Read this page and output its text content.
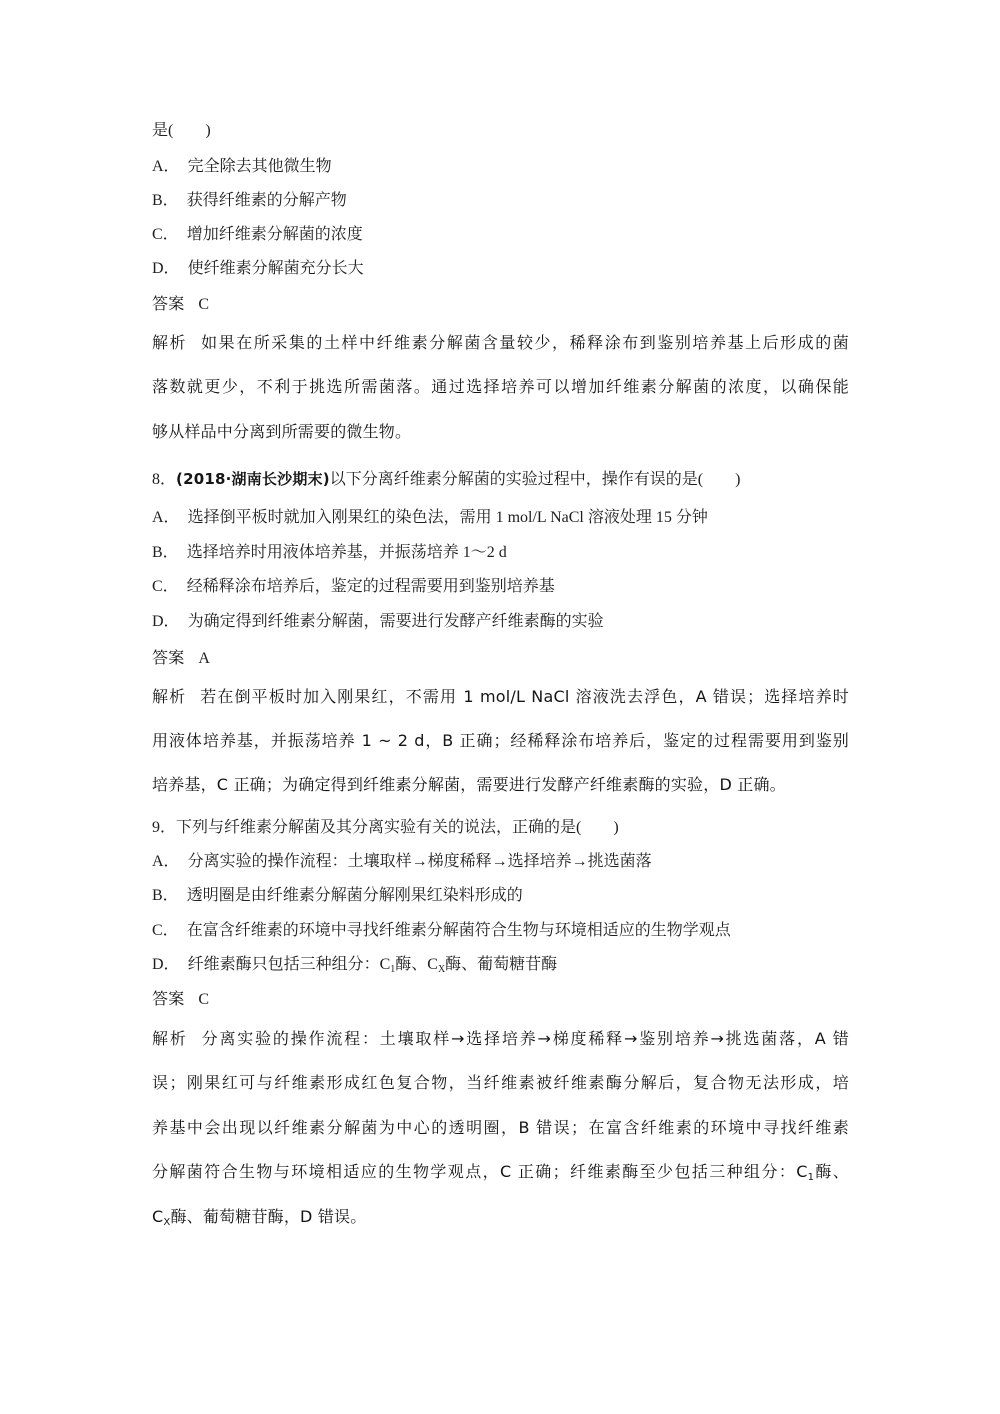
是(　　)
A． 完全除去其他微生物
B． 获得纤维素的分解产物
C． 增加纤维素分解菌的浓度
D． 使纤维素分解菌充分长大
答案 C
解析 如果在所采集的土样中纤维素分解菌含量较少，稀释涂布到鉴别培养基上后形成的菌
落数就更少，不利于挑选所需菌落。通过选择培养可以增加纤维素分解菌的浓度，以确保能
够从样品中分离到所需要的微生物。
8．(2018·湖南长沙期末)以下分离纤维素分解菌的实验过程中，操作有误的是(　　)
A． 选择倒平板时就加入刚果红的染色法，需用 1 mol/L NaCl 溶液处理 15 分钟
B． 选择培养时用液体培养基，并振荡培养 1～2 d
C． 经稀释涂布培养后，鉴定的过程需要用到鉴别培养基
D． 为确定得到纤维素分解菌，需要进行发酵产纤维素酶的实验
答案 A
解析 若在倒平板时加入刚果红，不需用 1 mol/L NaCl 溶液洗去浮色，A 错误；选择培养时
用液体培养基，并振荡培养 1 ~ 2 d，B 正确；经稀释涂布培养后，鉴定的过程需要用到鉴别
培养基，C 正确；为确定得到纤维素分解菌，需要进行发酵产纤维素酶的实验，D 正确。
9．下列与纤维素分解菌及其分离实验有关的说法，正确的是(　　)
A． 分离实验的操作流程：土壤取样→梯度稀释→选择培养→挑选菌落
B． 透明圈是由纤维素分解菌分解刚果红染料形成的
C． 在富含纤维素的环境中寻找纤维素分解菌符合生物与环境相适应的生物学观点
D． 纤维素酶只包括三种组分：$C_1$酶、$C_X$酶、葡萄糖苷酶
答案 C
解析 分离实验的操作流程：土壤取样→选择培养→梯度稀释→鉴别培养→挑选菌落，A 错
误；刚果红可与纤维素形成红色复合物，当纤维素被纤维素酶分解后，复合物无法形成，培
养基中会出现以纤维素分解菌为中心的透明圈，B 错误；在富含纤维素的环境中寻找纤维素
分解菌符合生物与环境相适应的生物学观点，C 正确；纤维素酶至少包括三种组分：$C_1$酶、
$C_X$酶、葡萄糖苷酶，D 错误。
